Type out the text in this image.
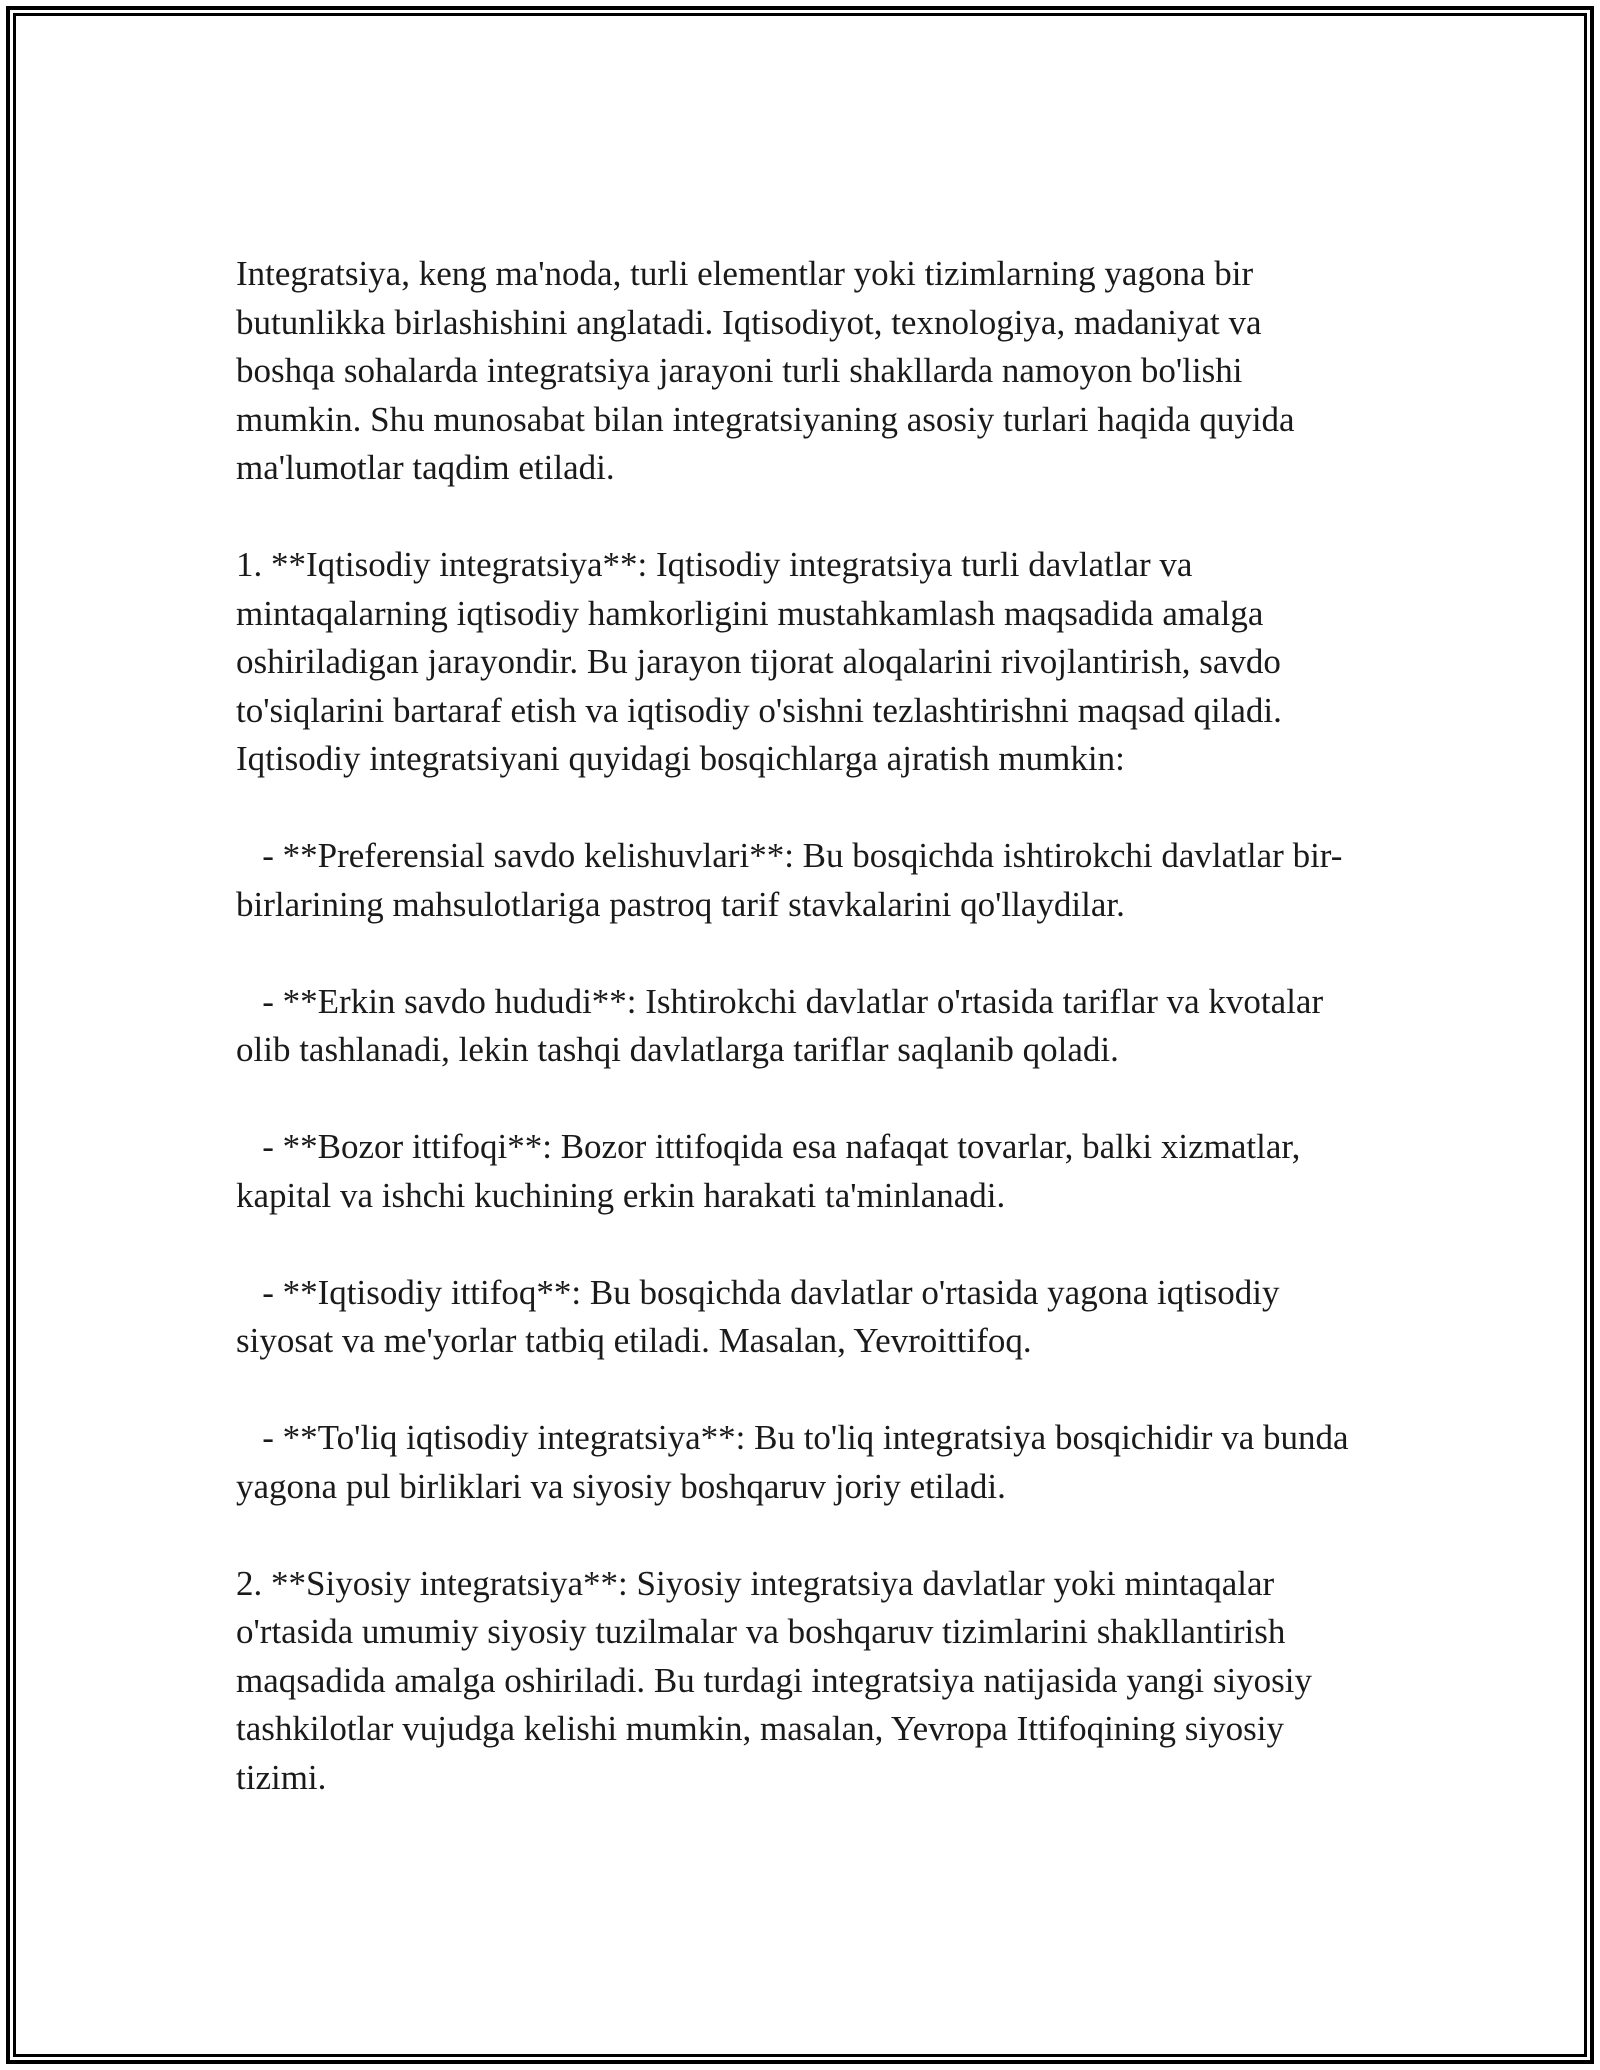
Integratsiya, keng ma'noda, turli elementlar yoki tizimlarning yagona bir butunlikka birlashishini anglatadi. Iqtisodiyot, texnologiya, madaniyat va boshqa sohalarda integratsiya jarayoni turli shakllarda namoyon bo'lishi mumkin. Shu munosabat bilan integratsiyaning asosiy turlari haqida quyida ma'lumotlar taqdim etiladi.

1. **Iqtisodiy integratsiya**: Iqtisodiy integratsiya turli davlatlar va mintaqalarning iqtisodiy hamkorligini mustahkamlash maqsadida amalga oshiriladigan jarayondir. Bu jarayon tijorat aloqalarini rivojlantirish, savdo to'siqlarini bartaraf etish va iqtisodiy o'sishni tezlashtirishni maqsad qiladi. Iqtisodiy integratsiyani quyidagi bosqichlarga ajratish mumkin:

- **Preferensial savdo kelishuvlari**: Bu bosqichda ishtirokchi davlatlar bir-birlarining mahsulotlariga pastroq tarif stavkalarini qo'llaydilar.

- **Erkin savdo hududi**: Ishtirokchi davlatlar o'rtasida tariflar va kvotalar olib tashlanadi, lekin tashqi davlatlarga tariflar saqlanib qoladi.

- **Bozor ittifoqi**: Bozor ittifoqida esa nafaqat tovarlar, balki xizmatlar, kapital va ishchi kuchining erkin harakati ta'minlanadi.

- **Iqtisodiy ittifoq**: Bu bosqichda davlatlar o'rtasida yagona iqtisodiy siyosat va me'yorlar tatbiq etiladi. Masalan, Yevroittifoq.

- **To'liq iqtisodiy integratsiya**: Bu to'liq integratsiya bosqichidir va bunda yagona pul birliklari va siyosiy boshqaruv joriy etiladi.

2. **Siyosiy integratsiya**: Siyosiy integratsiya davlatlar yoki mintaqalar o'rtasida umumiy siyosiy tuzilmalar va boshqaruv tizimlarini shakllantirish maqsadida amalga oshiriladi. Bu turdagi integratsiya natijasida yangi siyosiy tashkilotlar vujudga kelishi mumkin, masalan, Yevropa Ittifoqining siyosiy tizimi.
